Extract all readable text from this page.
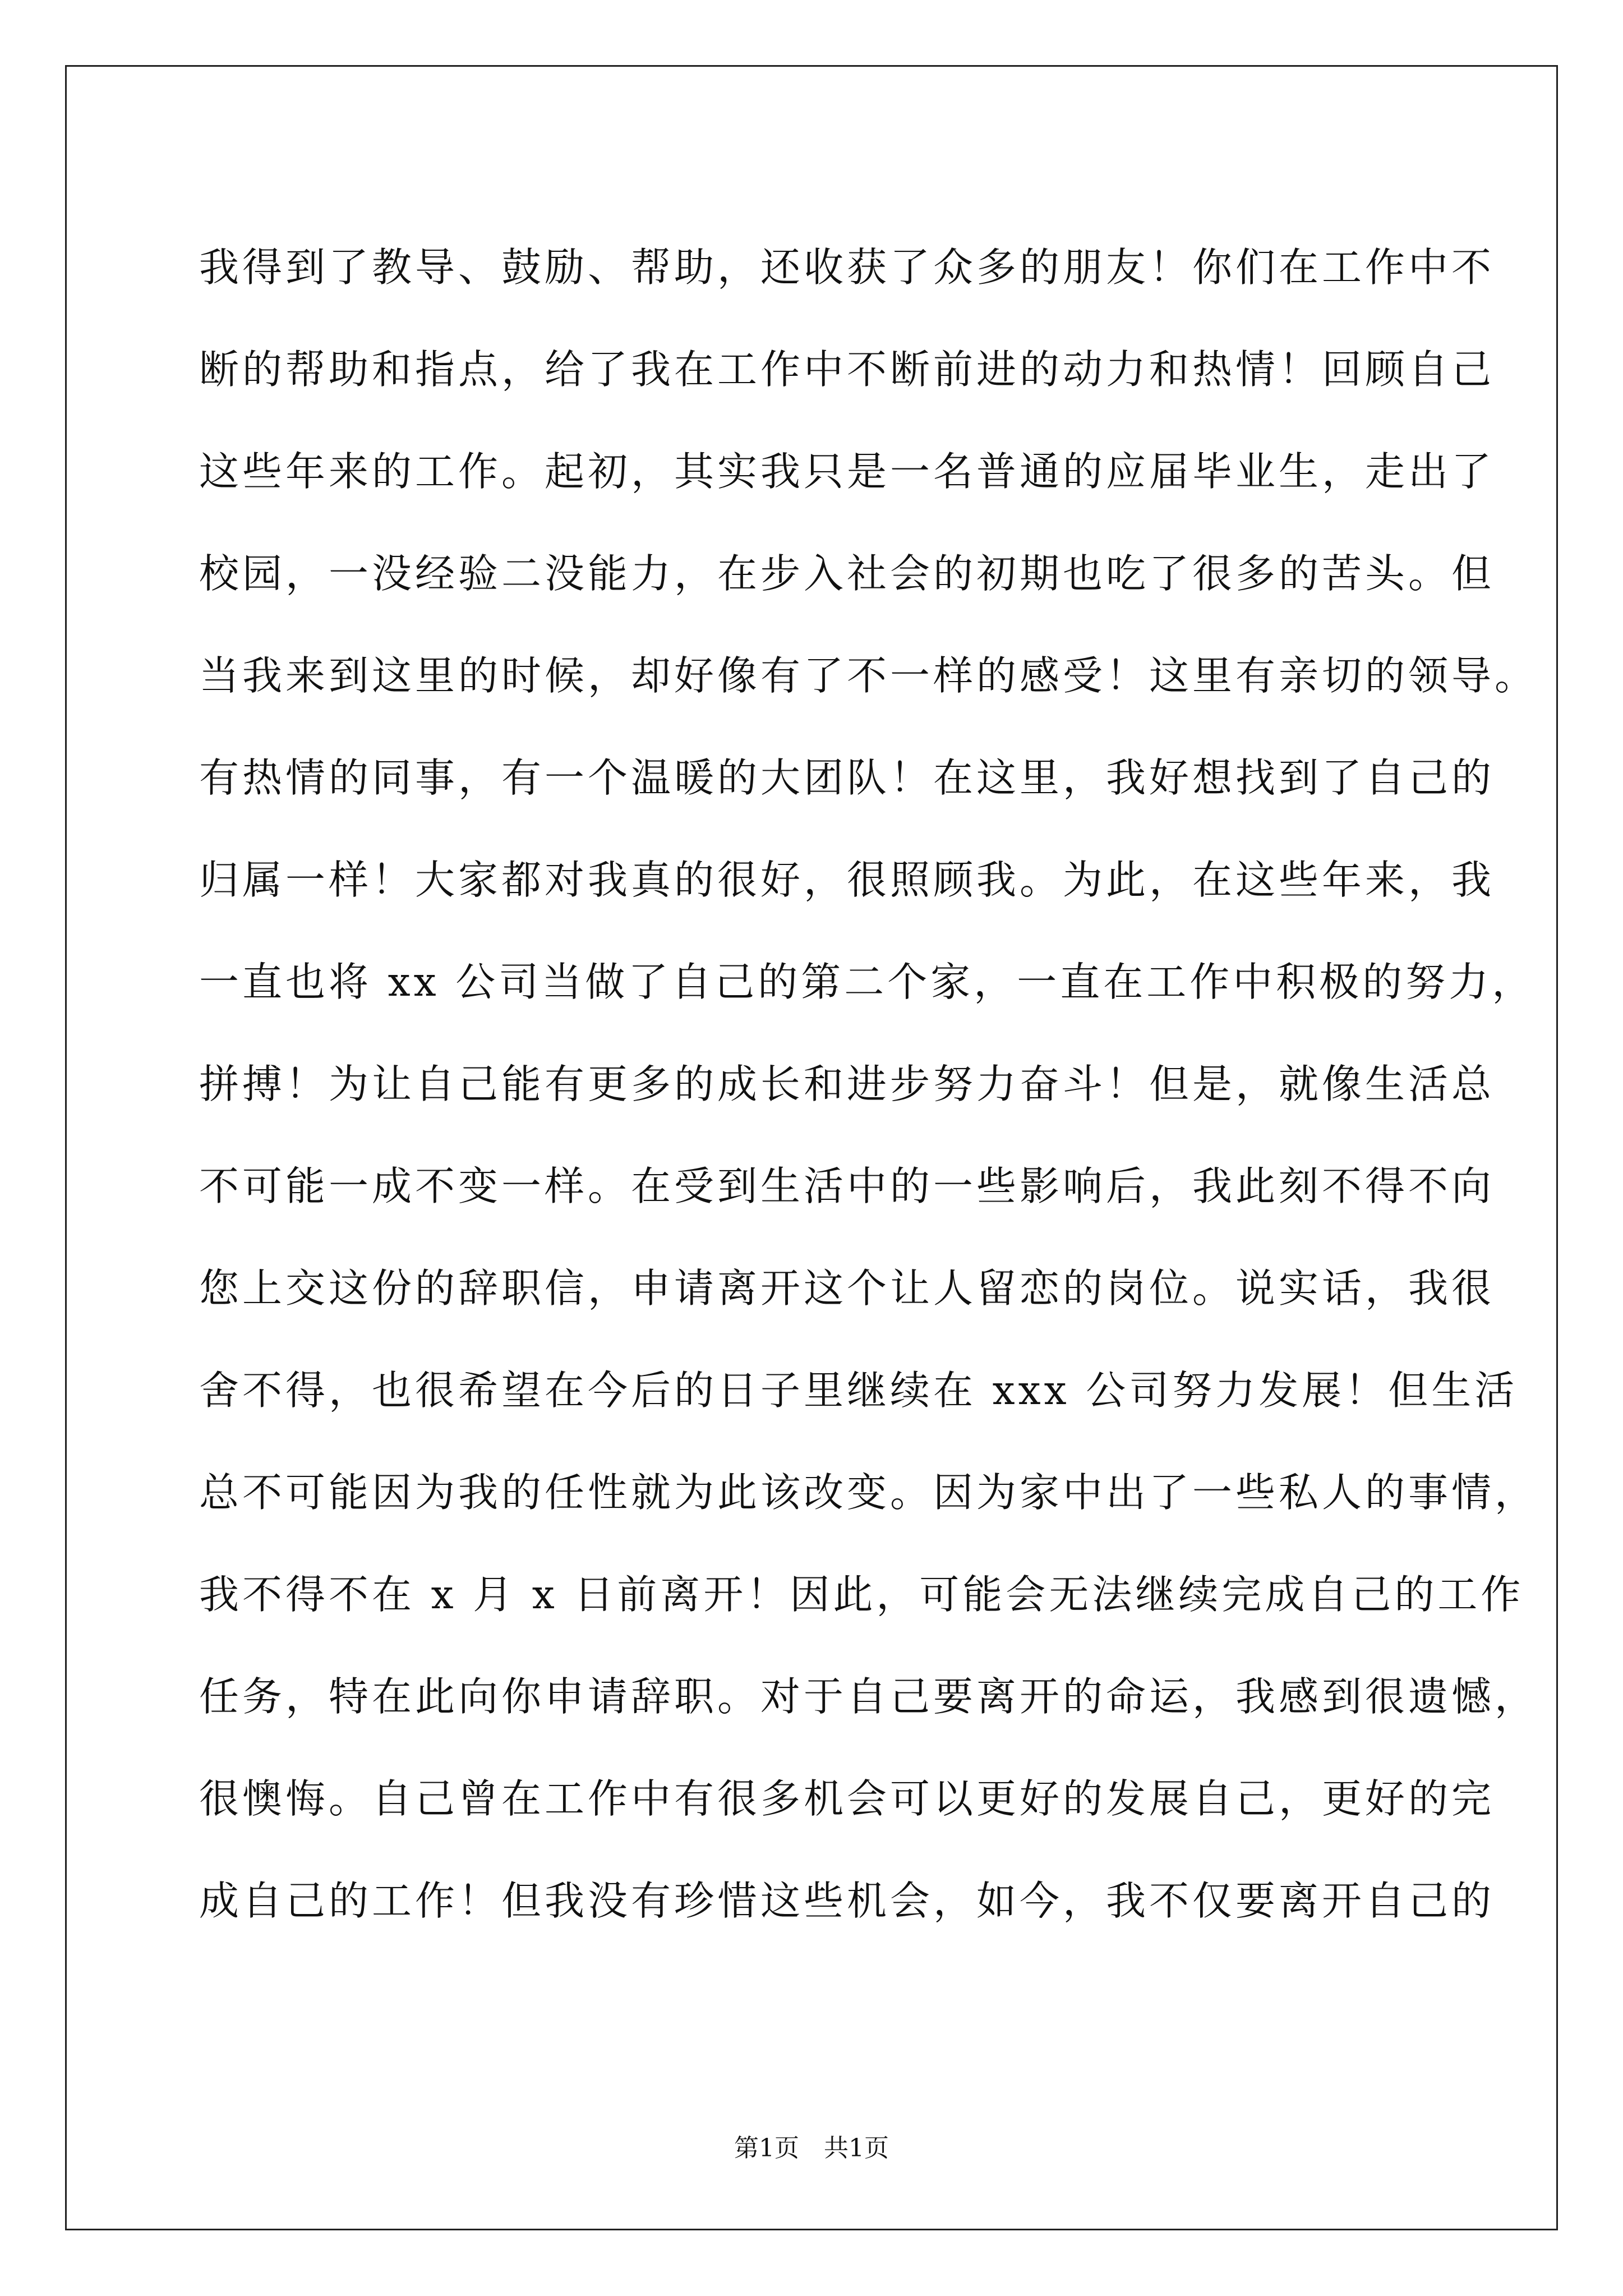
我得到了教导、鼓励、帮助，还收获了众多的朋友！你们在工作中不
断的帮助和指点，给了我在工作中不断前进的动力和热情！回顾自己
这些年来的工作。起初，其实我只是一名普通的应届毕业生，走出了
校园，一没经验二没能力，在步入社会的初期也吃了很多的苦头。但
当我来到这里的时候，却好像有了不一样的感受！这里有亲切的领导。
有热情的同事，有一个温暖的大团队！在这里，我好想找到了自己的
归属一样！大家都对我真的很好，很照顾我。为此，在这些年来，我
一直也将 xx 公司当做了自己的第二个家，一直在工作中积极的努力，
拼搏！为让自己能有更多的成长和进步努力奋斗！但是，就像生活总
不可能一成不变一样。在受到生活中的一些影响后，我此刻不得不向
您上交这份的辞职信，申请离开这个让人留恋的岗位。说实话，我很
舍不得，也很希望在今后的日子里继续在 xxx 公司努力发展！但生活
总不可能因为我的任性就为此该改变。因为家中出了一些私人的事情，
我不得不在 x 月 x 日前离开！因此，可能会无法继续完成自己的工作
任务，特在此向你申请辞职。对于自己要离开的命运，我感到很遗憾，
很懊悔。自己曾在工作中有很多机会可以更好的发展自己，更好的完
成自己的工作！但我没有珍惜这些机会，如今，我不仅要离开自己的
第1页　共1页
